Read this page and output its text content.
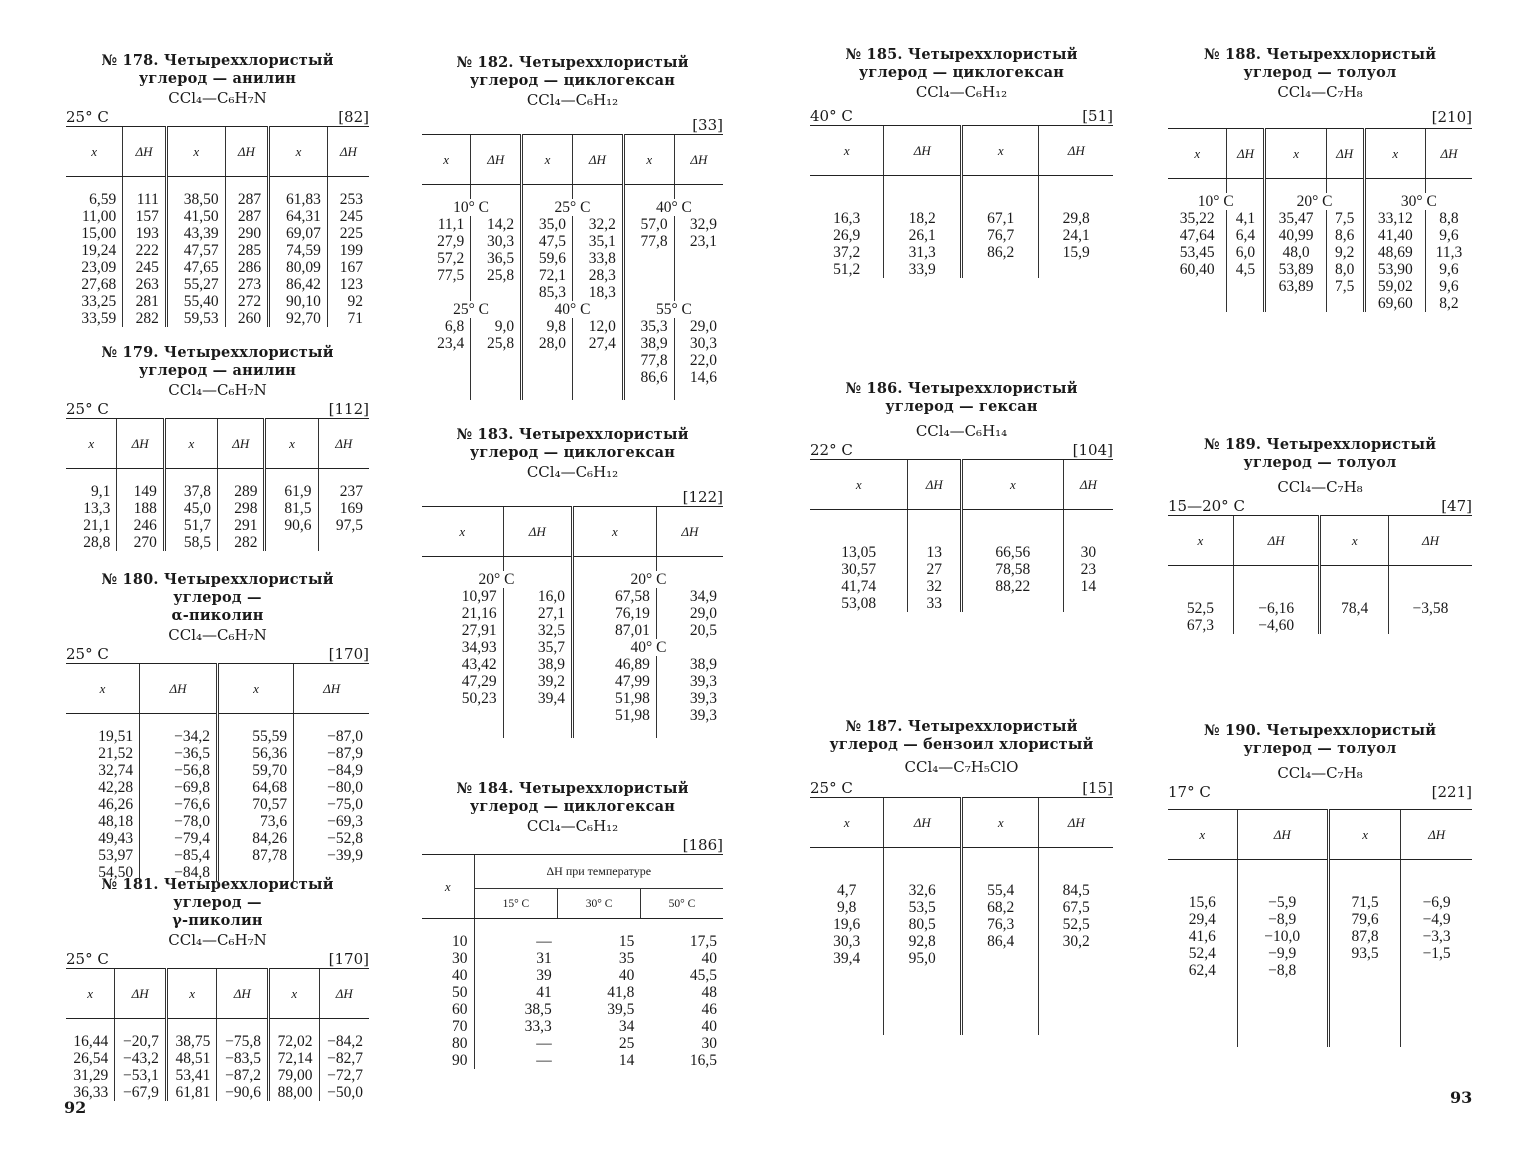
№ 178. Четыреххлористый
углерод — анилин
CCl₄—C₆H₇N
25° C	[82]
x	ΔH	x	ΔH	x	ΔH

6,59	111	38,50	287	61,83	253
11,00	157	41,50	287	64,31	245
15,00	193	43,39	290	69,07	225
19,24	222	47,57	285	74,59	199
23,09	245	47,65	286	80,09	167
27,68	263	55,27	273	86,42	123
33,25	281	55,40	272	90,10	92
33,59	282	59,53	260	92,70	71
№ 179. Четыреххлористый
углерод — анилин
CCl₄—C₆H₇N
25° C	[112]
x	ΔH	x	ΔH	x	ΔH

9,1	149	37,8	289	61,9	237
13,3	188	45,0	298	81,5	169
21,1	246	51,7	291	90,6	97,5
28,8	270	58,5	282		
№ 180. Четыреххлористый углерод —
α-пиколин
CCl₄—C₆H₇N
25° C	[170]
x	ΔH	x	ΔH

19,51	−34,2	55,59	−87,0
21,52	−36,5	56,36	−87,9
32,74	−56,8	59,70	−84,9
42,28	−69,8	64,68	−80,0
46,26	−76,6	70,57	−75,0
48,18	−78,0	73,6	−69,3
49,43	−79,4	84,26	−52,8
53,97	−85,4	87,78	−39,9
54,50	−84,8		
№ 181. Четыреххлористый углерод —
γ-пиколин
CCl₄—C₆H₇N
25° C	[170]
x	ΔH	x	ΔH	x	ΔH

16,44	−20,7	38,75	−75,8	72,02	−84,2
26,54	−43,2	48,51	−83,5	72,14	−82,7
31,29	−53,1	53,41	−87,2	79,00	−72,7
36,33	−67,9	61,81	−90,6	88,00	−50,0
№ 182. Четыреххлористый
углерод — циклогексан
CCl₄—C₆H₁₂
[33]
x	ΔH	x	ΔH	x	ΔH

10° C		25° C		40° C	
11,1	14,2	35,0	32,2	57,0	32,9
27,9	30,3	47,5	35,1	77,8	23,1
57,2	36,5	59,6	33,8		
77,5	25,8	72,1	28,3		
		85,3	18,3		
25° C		40° C		55° C	
6,8	9,0	9,8	12,0	35,3	29,0
23,4	25,8	28,0	27,4	38,9	30,3
				77,8	22,0
				86,6	14,6

№ 183. Четыреххлористый
углерод — циклогексан
CCl₄—C₆H₁₂
[122]
x	ΔH	x	ΔH

20° C		20° C	
10,97	16,0	67,58	34,9
21,16	27,1	76,19	29,0
27,91	32,5	87,01	20,5
34,93	35,7	40° C	
43,42	38,9	46,89	38,9
47,29	39,2	47,99	39,3
50,23	39,4	51,98	39,3
		51,98	39,3

№ 184. Четыреххлористый
углерод — циклогексан
CCl₄—C₆H₁₂
[186]
x	ΔH при температуре		
	15° C	30° C	50° C

10	—	15	17,5
30	31	35	40
40	39	40	45,5
50	41	41,8	48
60	38,5	39,5	46
70	33,3	34	40
80	—	25	30
90	—	14	16,5
№ 185. Четыреххлористый
углерод — циклогексан
CCl₄—C₆H₁₂
40° C	[51]
x	ΔH	x	ΔH

16,3	18,2	67,1	29,8
26,9	26,1	76,7	24,1
37,2	31,3	86,2	15,9
51,2	33,9		
№ 186. Четыреххлористый
углерод — гексан
CCl₄—C₆H₁₄
22° C	[104]
x	ΔH	x	ΔH

13,05	13	66,56	30
30,57	27	78,58	23
41,74	32	88,22	14
53,08	33		
№ 187. Четыреххлористый
углерод — бензоил хлористый
CCl₄—C₇H₅ClO
25° C	[15]
x	ΔH	x	ΔH

4,7	32,6	55,4	84,5
9,8	53,5	68,2	67,5
19,6	80,5	76,3	52,5
30,3	92,8	86,4	30,2
39,4	95,0		

№ 188. Четыреххлористый
углерод — толуол
CCl₄—C₇H₈
[210]
x	ΔH	x	ΔH	x	ΔH

10° C		20° C		30° C	
35,22	4,1	35,47	7,5	33,12	8,8
47,64	6,4	40,99	8,6	41,40	9,6
53,45	6,0	48,0	9,2	48,69	11,3
60,40	4,5	53,89	8,0	53,90	9,6
		63,89	7,5	59,02	9,6
				69,60	8,2
№ 189. Четыреххлористый
углерод — толуол
CCl₄—C₇H₈
15—20° C	[47]
x	ΔH	x	ΔH

52,5	−6,16	78,4	−3,58
67,3	−4,60		
№ 190. Четыреххлористый
углерод — толуол
CCl₄—C₇H₈
17° C	[221]
x	ΔH	x	ΔH

15,6	−5,9	71,5	−6,9
29,4	−8,9	79,6	−4,9
41,6	−10,0	87,8	−3,3
52,4	−9,9	93,5	−1,5
62,4	−8,8		

92
93
